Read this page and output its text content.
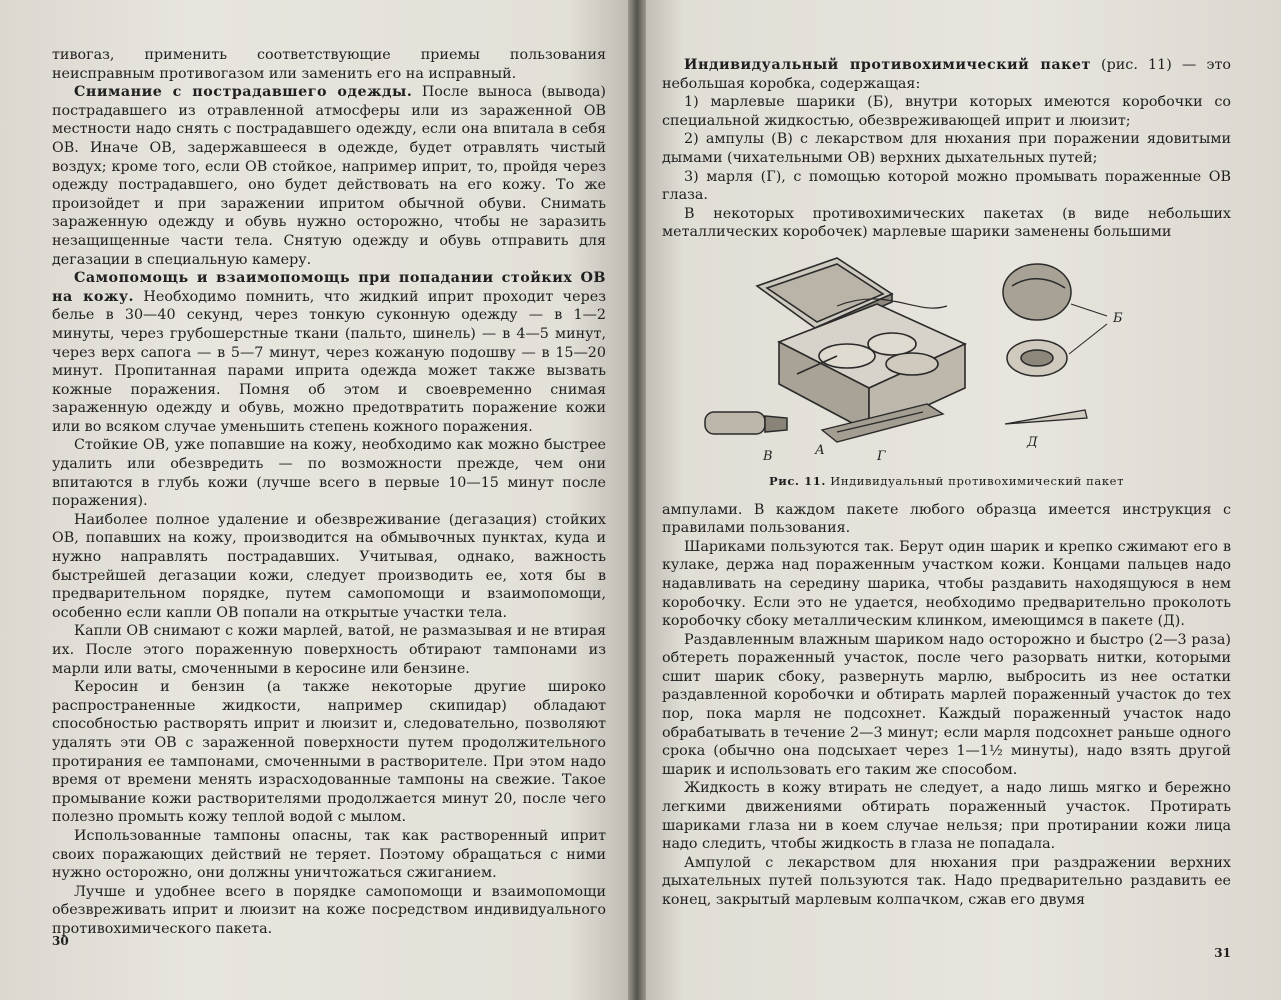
тивогаз, применить соответствующие приемы пользования неисправным противогазом или заменить его на исправный.

Снимание с пострадавшего одежды. После выноса (вывода) пострадавшего из отравленной атмосферы или из зараженной ОВ местности надо снять с пострадавшего одежду, если она впитала в себя ОВ. Иначе ОВ, задержавшееся в одежде, будет отравлять чистый воздух; кроме того, если ОВ стойкое, например иприт, то, пройдя через одежду пострадавшего, оно будет действовать на его кожу. То же произойдет и при заражении ипритом обычной обуви. Снимать зараженную одежду и обувь нужно осторожно, чтобы не заразить незащищенные части тела. Снятую одежду и обувь отправить для дегазации в специальную камеру.

Самопомощь и взаимопомощь при попадании стойких ОВ на кожу. Необходимо помнить, что жидкий иприт проходит через белье в 30—40 секунд, через тонкую суконную одежду — в 1—2 минуты, через грубошерстные ткани (пальто, шинель) — в 4—5 минут, через верх сапога — в 5—7 минут, через кожаную подошву — в 15—20 минут. Пропитанная парами иприта одежда может также вызвать кожные поражения. Помня об этом и своевременно снимая зараженную одежду и обувь, можно предотвратить поражение кожи или во всяком случае уменьшить степень кожного поражения.

Стойкие ОВ, уже попавшие на кожу, необходимо как можно быстрее удалить или обезвредить — по возможности прежде, чем они впитаются в глубь кожи (лучше всего в первые 10—15 минут после поражения).

Наиболее полное удаление и обезвреживание (дегазация) стойких ОВ, попавших на кожу, производится на обмывочных пунктах, куда и нужно направлять пострадавших. Учитывая, однако, важность быстрейшей дегазации кожи, следует производить ее, хотя бы в предварительном порядке, путем самопомощи и взаимопомощи, особенно если капли ОВ попали на открытые участки тела.

Капли ОВ снимают с кожи марлей, ватой, не размазывая и не втирая их. После этого пораженную поверхность обтирают тампонами из марли или ваты, смоченными в керосине или бензине.

Керосин и бензин (а также некоторые другие широко распространенные жидкости, например скипидар) обладают способностью растворять иприт и люизит и, следовательно, позволяют удалять эти ОВ с зараженной поверхности путем продолжительного протирания ее тампонами, смоченными в растворителе. При этом надо время от времени менять израсходованные тампоны на свежие. Такое промывание кожи растворителями продолжается минут 20, после чего полезно промыть кожу теплой водой с мылом.

Использованные тампоны опасны, так как растворенный иприт своих поражающих действий не теряет. Поэтому обращаться с ними нужно осторожно, они должны уничтожаться сжиганием.

Лучше и удобнее всего в порядке самопомощи и взаимопомощи обезвреживать иприт и люизит на коже посредством индивидуального противохимического пакета.

30

Индивидуальный противохимический пакет (рис. 11) — это небольшая коробка, содержащая:

1) марлевые шарики (Б), внутри которых имеются коробочки со специальной жидкостью, обезвреживающей иприт и люизит;

2) ампулы (В) с лекарством для нюхания при поражении ядовитыми дымами (чихательными ОВ) верхних дыхательных путей;

3) марля (Г), с помощью которой можно промывать пораженные ОВ глаза.

В некоторых противохимических пакетах (в виде небольших металлических коробочек) марлевые шарики заменены большими

А
Б
В	Г
Д

Рис. 11. Индивидуальный противохимический пакет

ампулами. В каждом пакете любого образца имеется инструкция с правилами пользования.

Шариками пользуются так. Берут один шарик и крепко сжимают его в кулаке, держа над пораженным участком кожи. Концами пальцев надо надавливать на середину шарика, чтобы раздавить находящуюся в нем коробочку. Если это не удается, необходимо предварительно проколоть коробочку сбоку металлическим клинком, имеющимся в пакете (Д).

Раздавленным влажным шариком надо осторожно и быстро (2—3 раза) обтереть пораженный участок, после чего разорвать нитки, которыми сшит шарик сбоку, развернуть марлю, выбросить из нее остатки раздавленной коробочки и обтирать марлей пораженный участок до тех пор, пока марля не подсохнет. Каждый пораженный участок надо обрабатывать в течение 2—3 минут; если марля подсохнет раньше одного срока (обычно она подсыхает через 1—1½ минуты), надо взять другой шарик и использовать его таким же способом.

Жидкость в кожу втирать не следует, а надо лишь мягко и бережно легкими движениями обтирать пораженный участок. Протирать шариками глаза ни в коем случае нельзя; при протирании кожи лица надо следить, чтобы жидкость в глаза не попадала.

Ампулой с лекарством для нюхания при раздражении верхних дыхательных путей пользуются так. Надо предварительно раздавить ее конец, закрытый марлевым колпачком, сжав его двумя

31
